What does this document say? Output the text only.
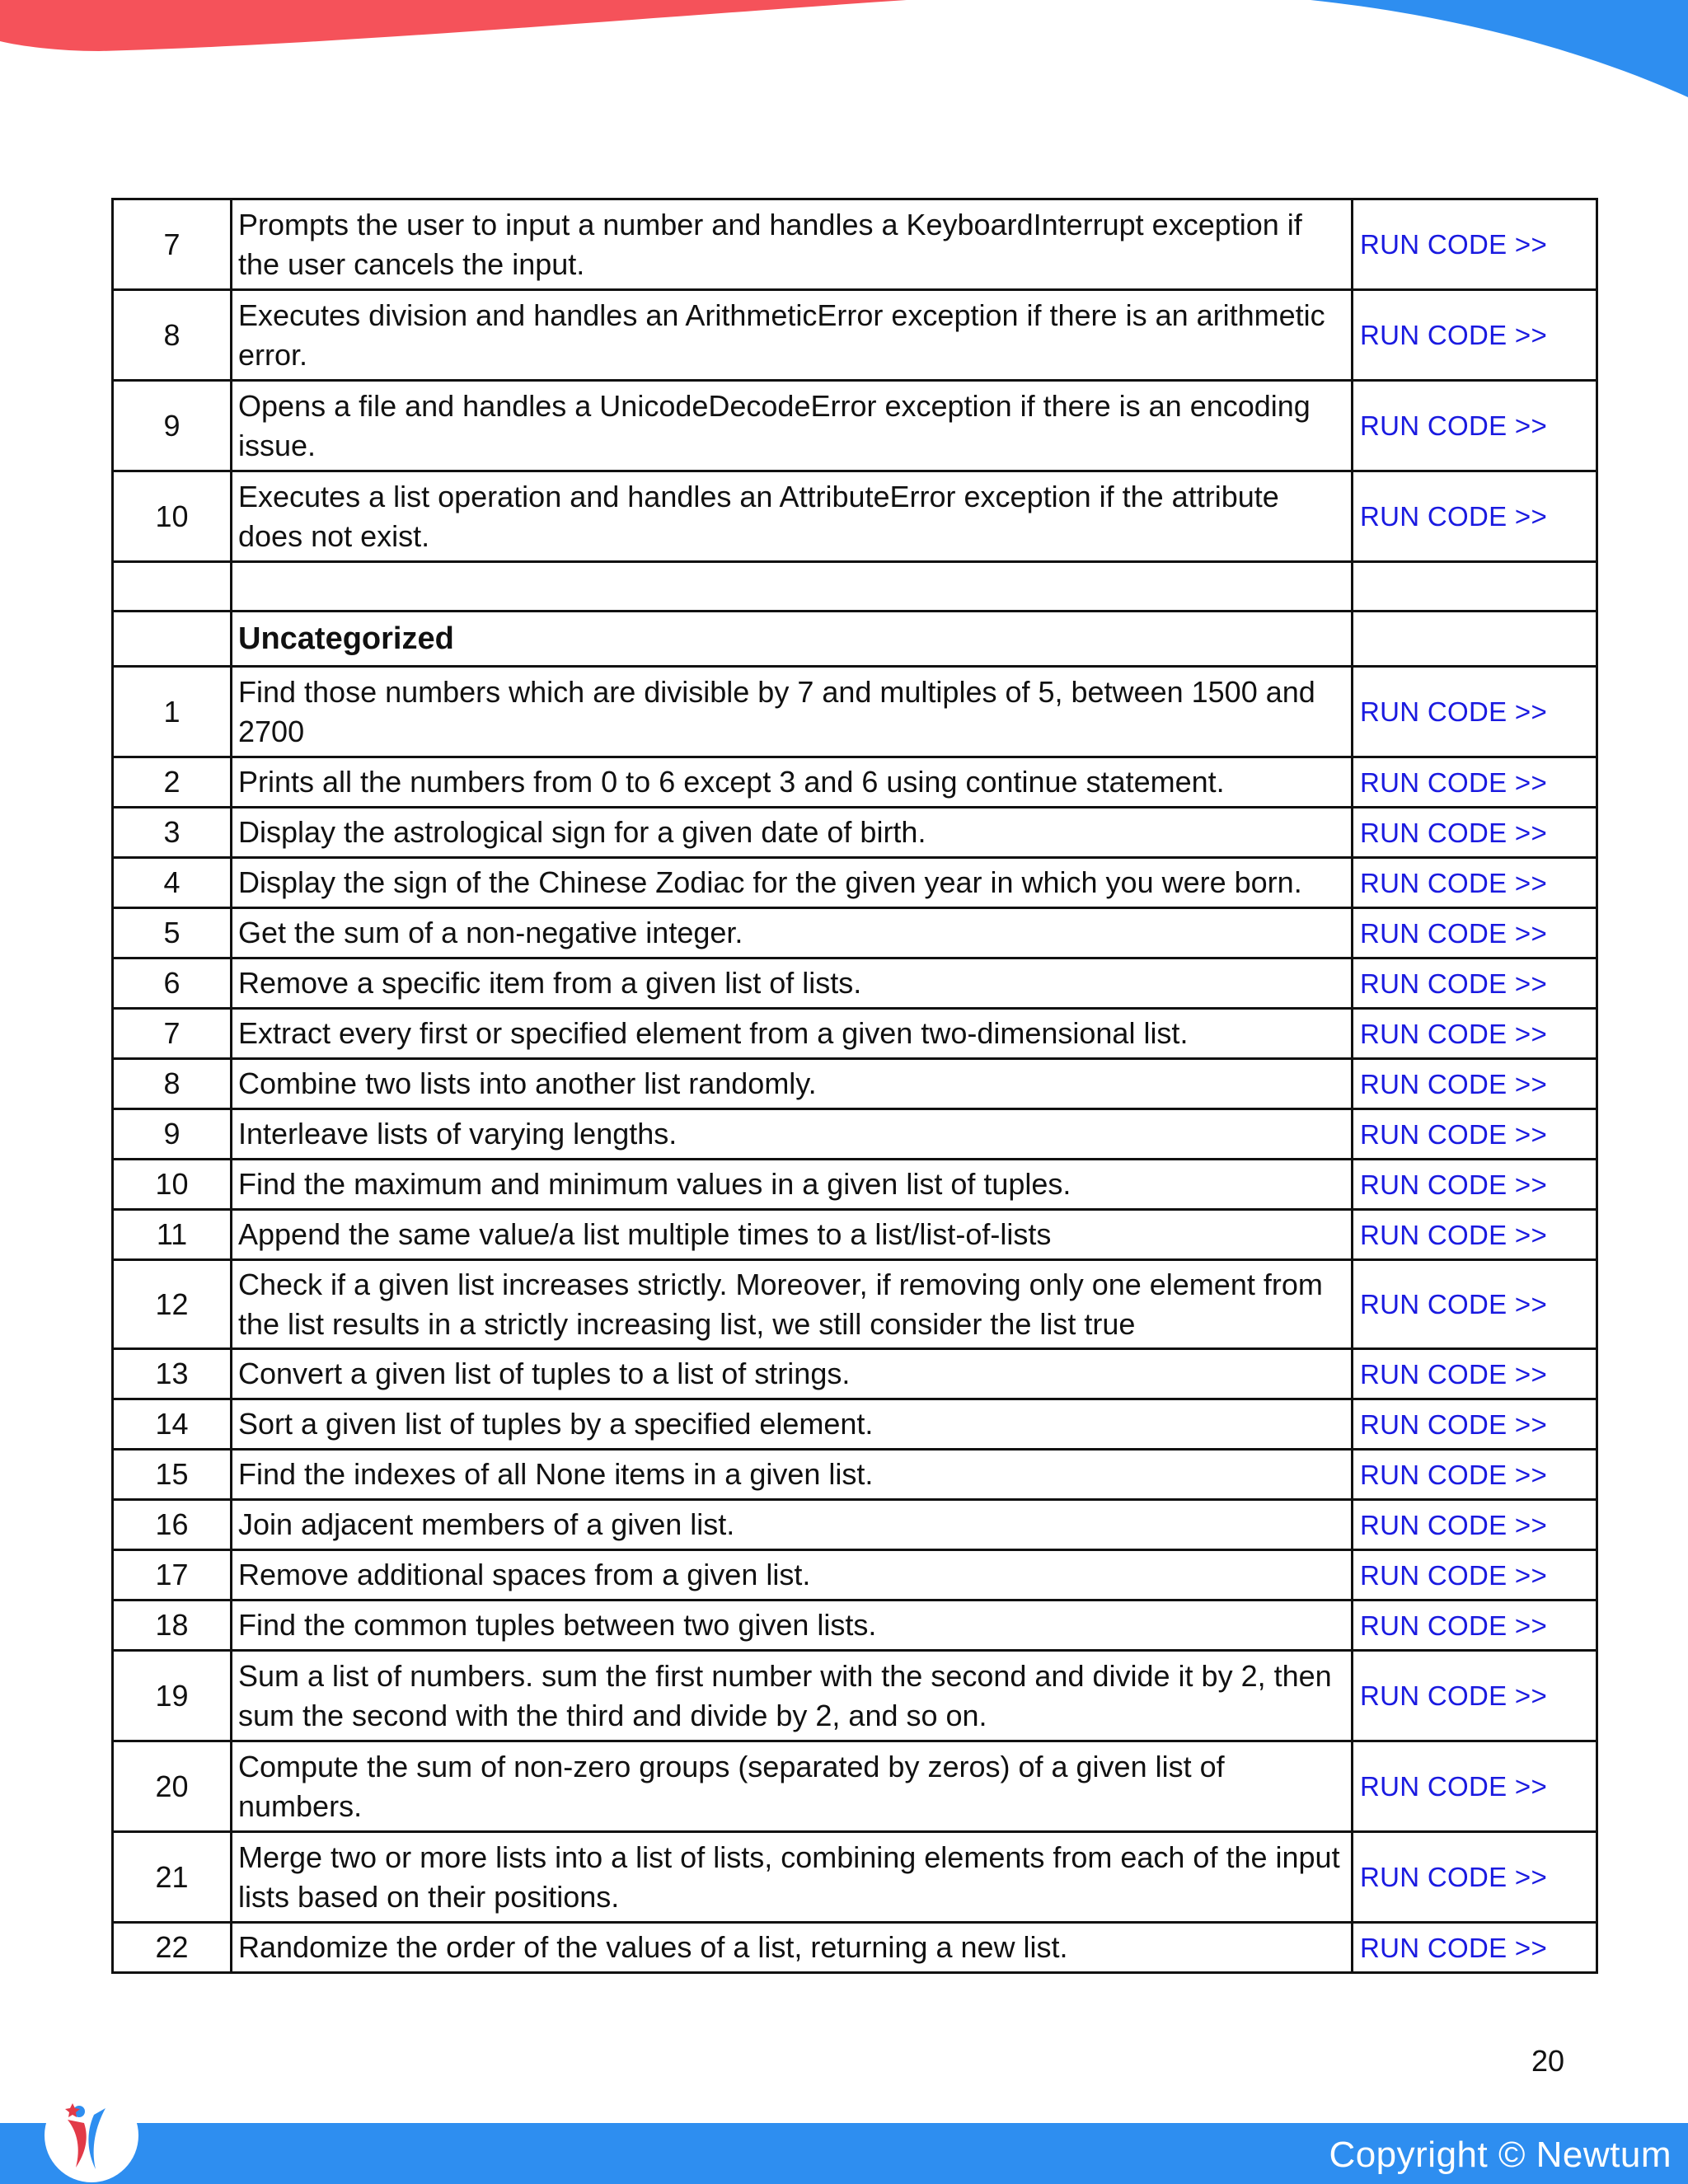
7	Prompts the user to input a number and handles a KeyboardInterrupt exception if the user cancels the input.	RUN CODE >>
8	Executes division and handles an ArithmeticError exception if there is an arithmetic error.	RUN CODE >>
9	Opens a file and handles a UnicodeDecodeError exception if there is an encoding issue.	RUN CODE >>
10	Executes a list operation and handles an AttributeError exception if the attribute does not exist.	RUN CODE >>

	Uncategorized	
1	Find those numbers which are divisible by 7 and multiples of 5, between 1500 and 2700	RUN CODE >>
2	Prints all the numbers from 0 to 6 except 3 and 6 using continue statement.	RUN CODE >>
3	Display the astrological sign for a given date of birth.	RUN CODE >>
4	Display the sign of the Chinese Zodiac for the given year in which you were born.	RUN CODE >>
5	Get the sum of a non-negative integer.	RUN CODE >>
6	Remove a specific item from a given list of lists.	RUN CODE >>
7	Extract every first or specified element from a given two-dimensional list.	RUN CODE >>
8	Combine two lists into another list randomly.	RUN CODE >>
9	Interleave lists of varying lengths.	RUN CODE >>
10	Find the maximum and minimum values in a given list of tuples.	RUN CODE >>
11	Append the same value/a list multiple times to a list/list-of-lists	RUN CODE >>
12	Check if a given list increases strictly. Moreover, if removing only one element from the list results in a strictly increasing list, we still consider the list true	RUN CODE >>
13	Convert a given list of tuples to a list of strings.	RUN CODE >>
14	Sort a given list of tuples by a specified element.	RUN CODE >>
15	Find the indexes of all None items in a given list.	RUN CODE >>
16	Join adjacent members of a given list.	RUN CODE >>
17	Remove additional spaces from a given list.	RUN CODE >>
18	Find the common tuples between two given lists.	RUN CODE >>
19	Sum a list of numbers. sum the first number with the second and divide it by 2, then sum the second with the third and divide by 2, and so on.	RUN CODE >>
20	Compute the sum of non-zero groups (separated by zeros) of a given list of numbers.	RUN CODE >>
21	Merge two or more lists into a list of lists, combining elements from each of the input lists based on their positions.	RUN CODE >>
22	Randomize the order of the values of a list, returning a new list.	RUN CODE >>
20
Copyright © Newtum
